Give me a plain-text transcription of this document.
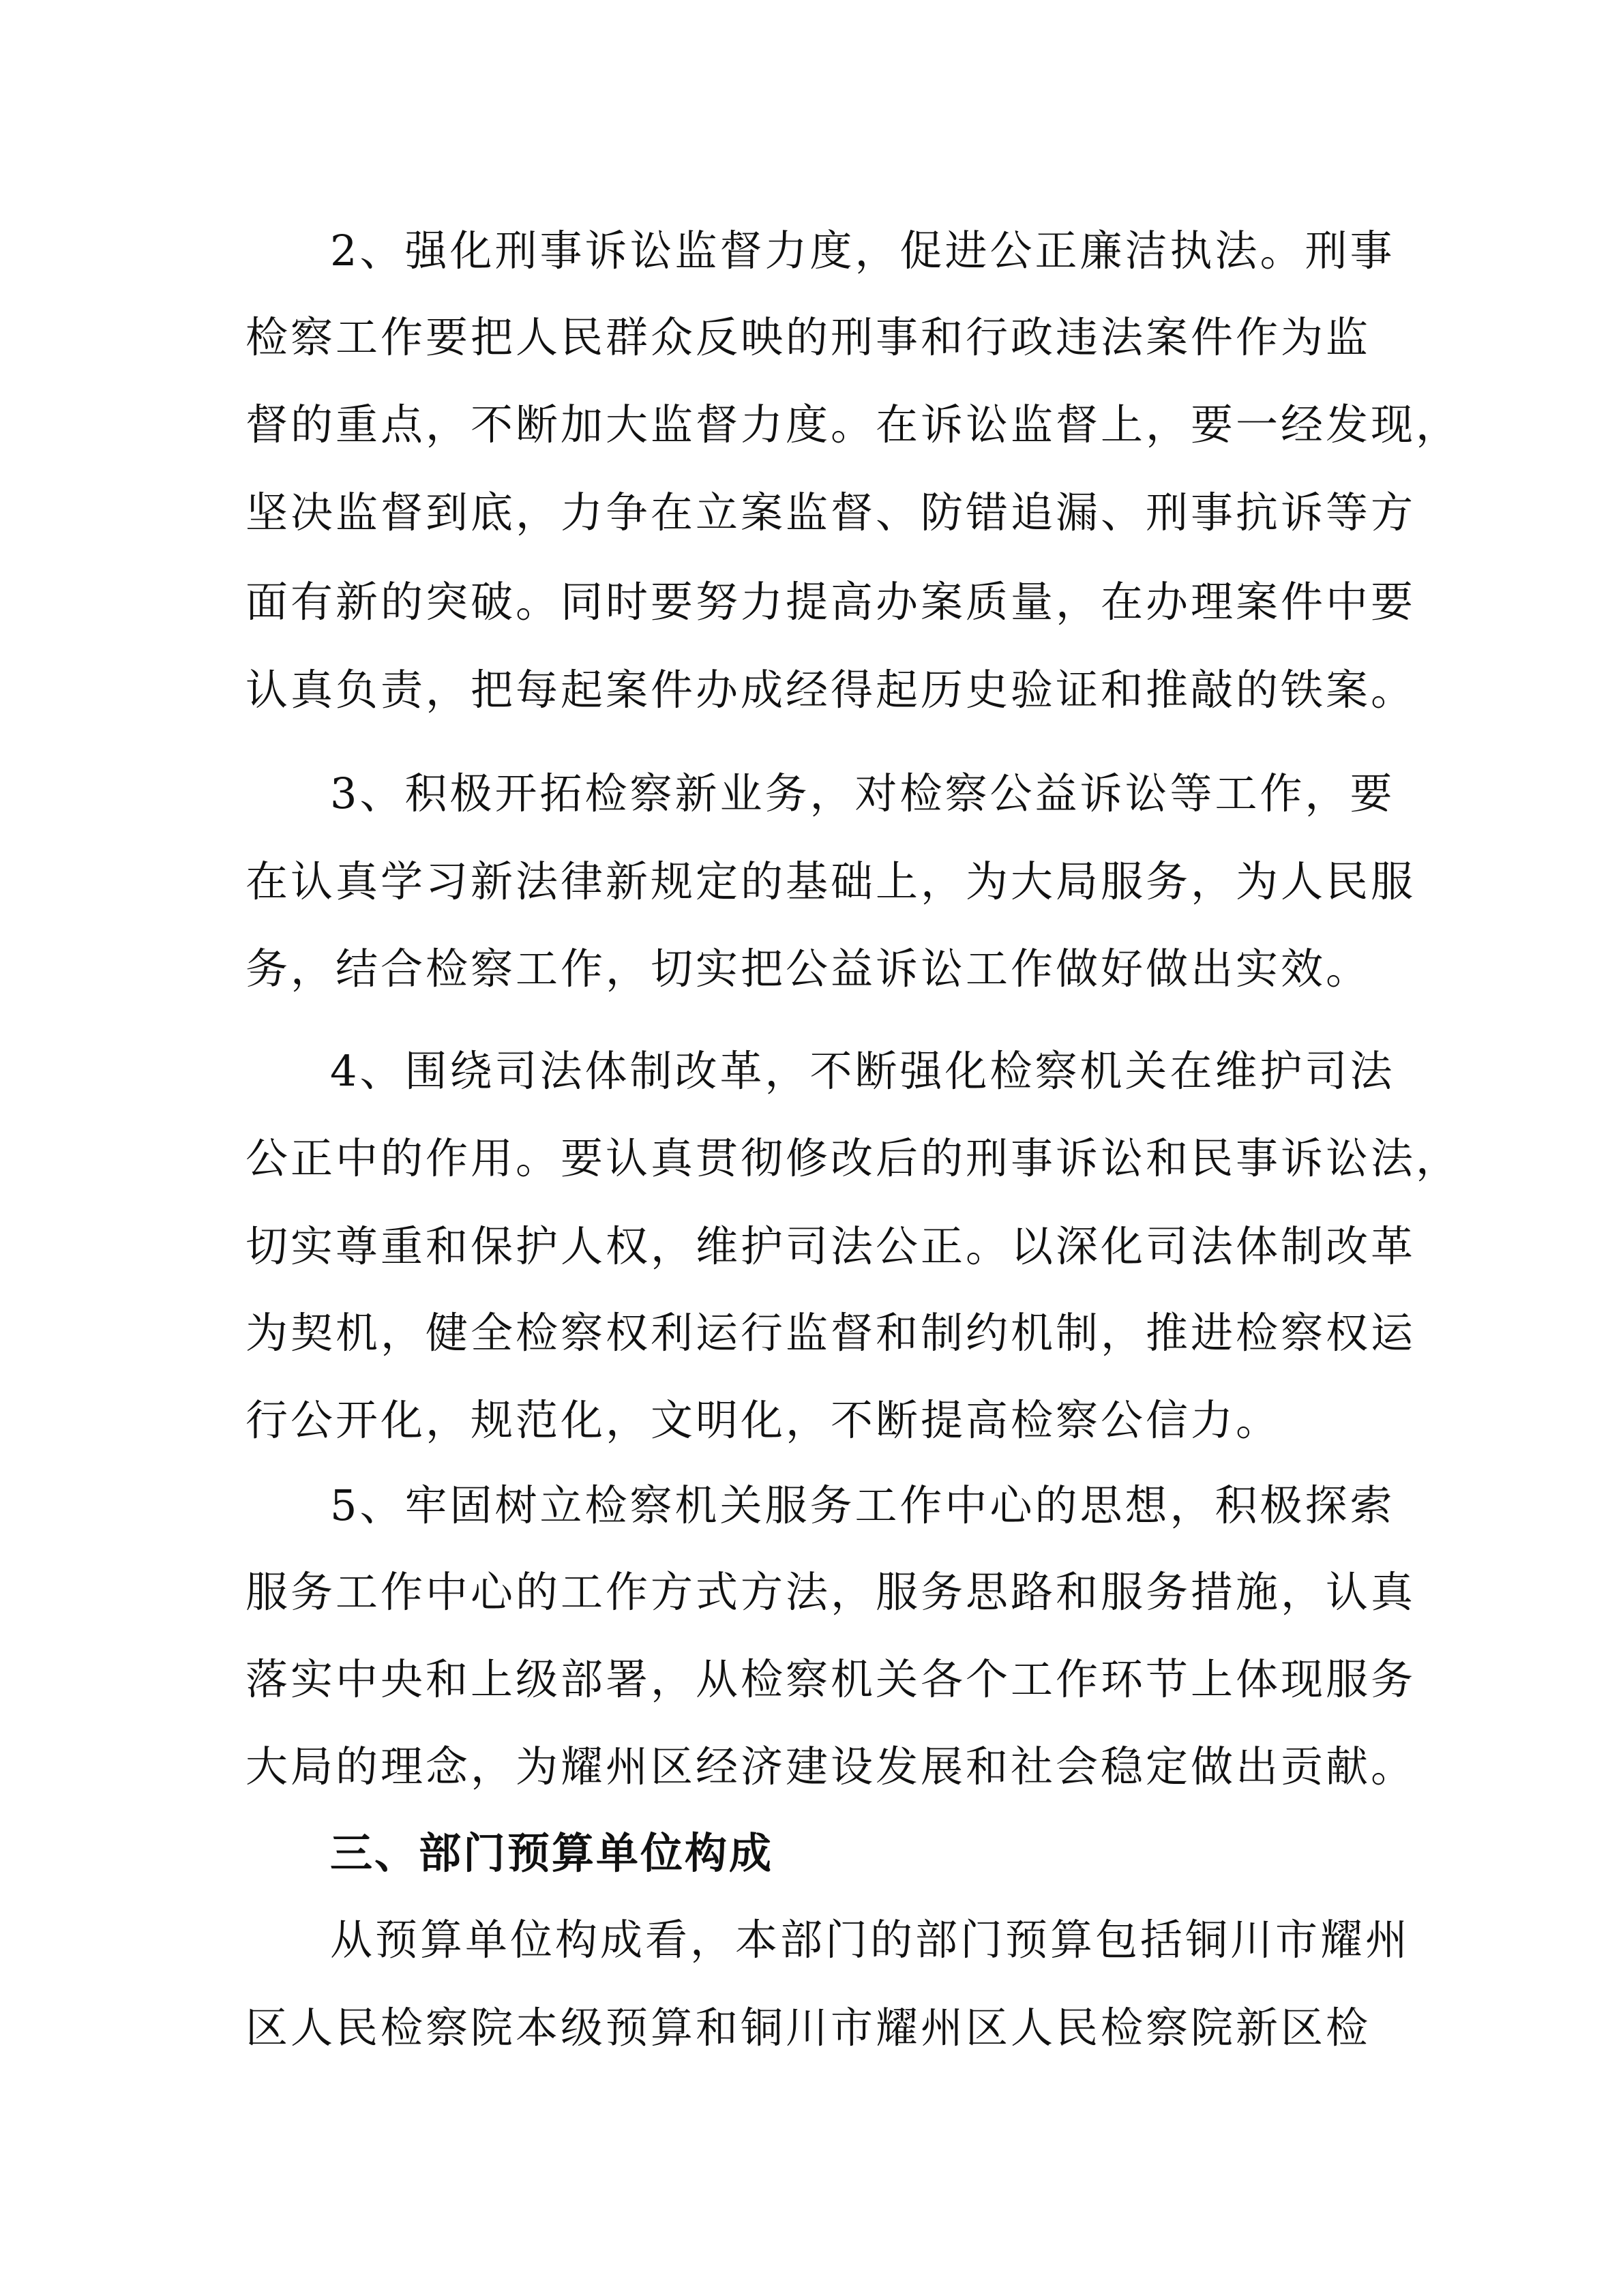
2、强化刑事诉讼监督力度，促进公正廉洁执法。刑事
检察工作要把人民群众反映的刑事和行政违法案件作为监
督的重点，不断加大监督力度。在诉讼监督上，要一经发现，
坚决监督到底，力争在立案监督、防错追漏、刑事抗诉等方
面有新的突破。同时要努力提高办案质量，在办理案件中要
认真负责，把每起案件办成经得起历史验证和推敲的铁案。
3、积极开拓检察新业务，对检察公益诉讼等工作，要
在认真学习新法律新规定的基础上，为大局服务，为人民服
务，结合检察工作，切实把公益诉讼工作做好做出实效。
4、围绕司法体制改革，不断强化检察机关在维护司法
公正中的作用。要认真贯彻修改后的刑事诉讼和民事诉讼法，
切实尊重和保护人权，维护司法公正。以深化司法体制改革
为契机，健全检察权利运行监督和制约机制，推进检察权运
行公开化，规范化，文明化，不断提高检察公信力。
5、牢固树立检察机关服务工作中心的思想，积极探索
服务工作中心的工作方式方法，服务思路和服务措施，认真
落实中央和上级部署，从检察机关各个工作环节上体现服务
大局的理念，为耀州区经济建设发展和社会稳定做出贡献。
三、部门预算单位构成
从预算单位构成看，本部门的部门预算包括铜川市耀州
区人民检察院本级预算和铜川市耀州区人民检察院新区检
